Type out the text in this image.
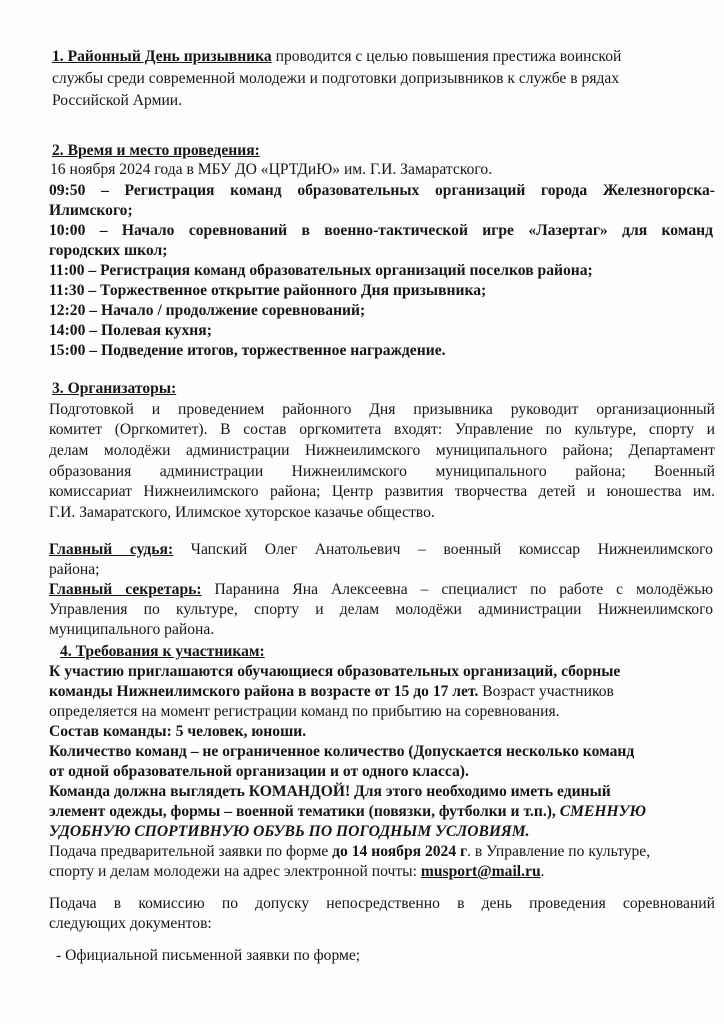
1. Районный День призывника проводится с целью повышения престижа воинской
службы среди современной молодежи и подготовки допризывников к службе в рядах
Российской Армии.
2. Время и место проведения:
16 ноября 2024 года в МБУ ДО «ЦРТДиЮ» им. Г.И. Замаратского.
09:50 – Регистрация команд образовательных организаций города Железногорска-
Илимского;
10:00 – Начало соревнований в военно-тактической игре «Лазертаг» для команд
городских школ;
11:00 – Регистрация команд образовательных организаций поселков района;
11:30 – Торжественное открытие районного Дня призывника;
12:20 – Начало / продолжение соревнований;
14:00 – Полевая кухня;
15:00 – Подведение итогов, торжественное награждение.
3. Организаторы:
Подготовкой и проведением районного Дня призывника руководит организационный
комитет (Оргкомитет). В состав оргкомитета входят: Управление по культуре, спорту и
делам молодёжи администрации Нижнеилимского муниципального района; Департамент
образования администрации Нижнеилимского муниципального района; Военный
комиссариат Нижнеилимского района; Центр развития творчества детей и юношества им.
Г.И. Замаратского, Илимское хуторское казачье общество.
Главный судья: Чапский Олег Анатольевич – военный комиссар Нижнеилимского
района;
Главный секретарь: Паранина Яна Алексеевна – специалист по работе с молодёжью
Управления по культуре, спорту и делам молодёжи администрации Нижнеилимского
муниципального района.
4. Требования к участникам:
К участию приглашаются обучающиеся образовательных организаций, сборные
команды Нижнеилимского района в возрасте от 15 до 17 лет. Возраст участников
определяется на момент регистрации команд по прибытию на соревнования.
Состав команды: 5 человек, юноши.
Количество команд – не ограниченное количество (Допускается несколько команд
от одной образовательной организации и от одного класса).
Команда должна выглядеть КОМАНДОЙ! Для этого необходимо иметь единый
элемент одежды, формы – военной тематики (повязки, футболки и т.п.), СМЕННУЮ
УДОБНУЮ СПОРТИВНУЮ ОБУВЬ ПО ПОГОДНЫМ УСЛОВИЯМ.
Подача предварительной заявки по форме до 14 ноября 2024 г. в Управление по культуре,
спорту и делам молодежи на адрес электронной почты: musport@mail.ru.
Подача в комиссию по допуску непосредственно в день проведения соревнований
следующих документов:
- Официальной письменной заявки по форме;
